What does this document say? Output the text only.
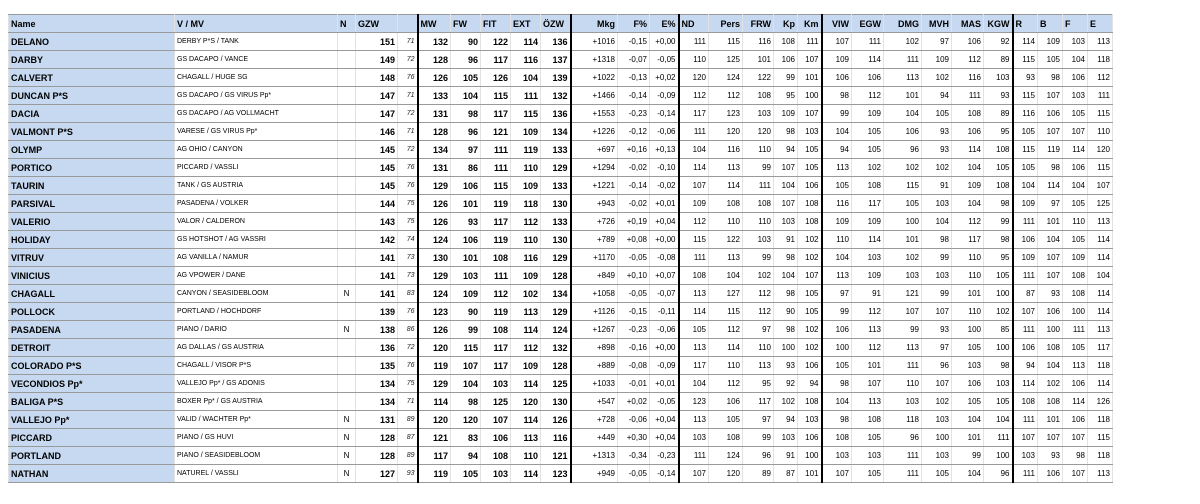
Name	V / MV	N	GZW		MW	FW	FIT	EXT	ÖZW	Mkg	F%	E%	ND	Pers	FRW	Kp	Km	VIW	EGW	DMG	MVH	MAS	KGW	R	B	F	E
DELANO	DERBY P*S / TANK		151	71	132	90	122	114	136	+1016	-0,15	+0,00	111	115	116	108	111	107	111	102	97	106	92	114	109	103	113
DARBY	GS DACAPO / VANCE		149	72	128	96	117	116	137	+1318	-0,07	-0,05	110	125	101	106	107	109	114	111	109	112	89	115	105	104	118
CALVERT	CHAGALL / HUGE SG		148	76	126	105	126	104	139	+1022	-0,13	+0,02	120	124	122	99	101	106	106	113	102	116	103	93	98	106	112
DUNCAN P*S	GS DACAPO / GS VIRUS Pp*		147	71	133	104	115	111	132	+1466	-0,14	-0,09	112	112	108	95	100	98	112	101	94	111	93	115	107	103	111
DACIA	GS DACAPO / AG VOLLMACHT		147	72	131	98	117	115	136	+1553	-0,23	-0,14	117	123	103	109	107	99	109	104	105	108	89	116	106	105	115
VALMONT P*S	VARESE / GS VIRUS Pp*		146	71	128	96	121	109	134	+1226	-0,12	-0,06	111	120	120	98	103	104	105	106	93	106	95	105	107	107	110
OLYMP	AG OHIO / CANYON		145	72	134	97	111	119	133	+697	+0,16	+0,13	104	116	110	94	105	94	105	96	93	114	108	115	119	114	120
PORTICO	PICCARD / VASSLI		145	76	131	86	111	110	129	+1294	-0,02	-0,10	114	113	99	107	105	113	102	102	102	104	105	105	98	106	115
TAURIN	TANK / GS AUSTRIA		145	76	129	106	115	109	133	+1221	-0,14	-0,02	107	114	111	104	106	105	108	115	91	109	108	104	114	104	107
PARSIVAL	PASADENA / VOLKER		144	75	126	101	119	118	130	+943	-0,02	+0,01	109	108	108	107	108	116	117	105	103	104	98	109	97	105	125
VALERIO	VALOR / CALDERON		143	75	126	93	117	112	133	+726	+0,19	+0,04	112	110	110	103	108	109	109	100	104	112	99	111	101	110	113
HOLIDAY	GS HOTSHOT / AG VASSRI		142	74	124	106	119	110	130	+789	+0,08	+0,00	115	122	103	91	102	110	114	101	98	117	98	106	104	105	114
VITRUV	AG VANILLA / NAMUR		141	73	130	101	108	116	129	+1170	-0,05	-0,08	111	113	99	98	102	104	103	102	99	110	95	109	107	109	114
VINICIUS	AG VPOWER / DANE		141	73	129	103	111	109	128	+849	+0,10	+0,07	108	104	102	104	107	113	109	103	103	110	105	111	107	108	104
CHAGALL	CANYON / SEASIDEBLOOM	N	141	83	124	109	112	102	134	+1058	-0,05	-0,07	113	127	112	98	105	97	91	121	99	101	100	87	93	108	114
POLLOCK	PORTLAND / HOCHDORF		139	76	123	90	119	113	129	+1126	-0,15	-0,11	114	115	112	90	105	99	112	107	107	110	102	107	106	100	114
PASADENA	PIANO / DARIO	N	138	86	126	99	108	114	124	+1267	-0,23	-0,06	105	112	97	98	102	106	113	99	93	100	85	111	100	111	113
DETROIT	AG DALLAS / GS AUSTRIA		136	72	120	115	117	112	132	+898	-0,16	+0,00	113	114	110	100	102	100	112	113	97	105	100	106	108	105	117
COLORADO P*S	CHAGALL / VISOR P*S		135	76	119	107	117	109	128	+889	-0,08	-0,09	117	110	113	93	106	105	101	111	96	103	98	94	104	113	118
VECONDIOS Pp*	VALLEJO Pp* / GS ADONIS		134	75	129	104	103	114	125	+1033	-0,01	+0,01	104	112	95	92	94	98	107	110	107	106	103	114	102	106	114
BALIGA P*S	BOXER Pp* / GS AUSTRIA		134	71	114	98	125	120	130	+547	+0,02	-0,05	123	106	117	102	108	104	113	103	102	105	105	108	108	114	126
VALLEJO Pp*	VALID / WACHTER Pp*	N	131	89	120	120	107	114	126	+728	-0,06	+0,04	113	105	97	94	103	98	108	118	103	104	104	111	101	106	118
PICCARD	PIANO / GS HUVI	N	128	87	121	83	106	113	116	+449	+0,30	+0,04	103	108	99	103	106	108	105	96	100	101	111	107	107	107	115
PORTLAND	PIANO / SEASIDEBLOOM	N	128	89	117	94	108	110	121	+1313	-0,34	-0,23	111	124	96	91	100	103	103	111	103	99	100	103	93	98	118
NATHAN	NATUREL / VASSLI	N	127	93	119	105	103	114	123	+949	-0,05	-0,14	107	120	89	87	101	107	105	111	105	104	96	111	106	107	113
